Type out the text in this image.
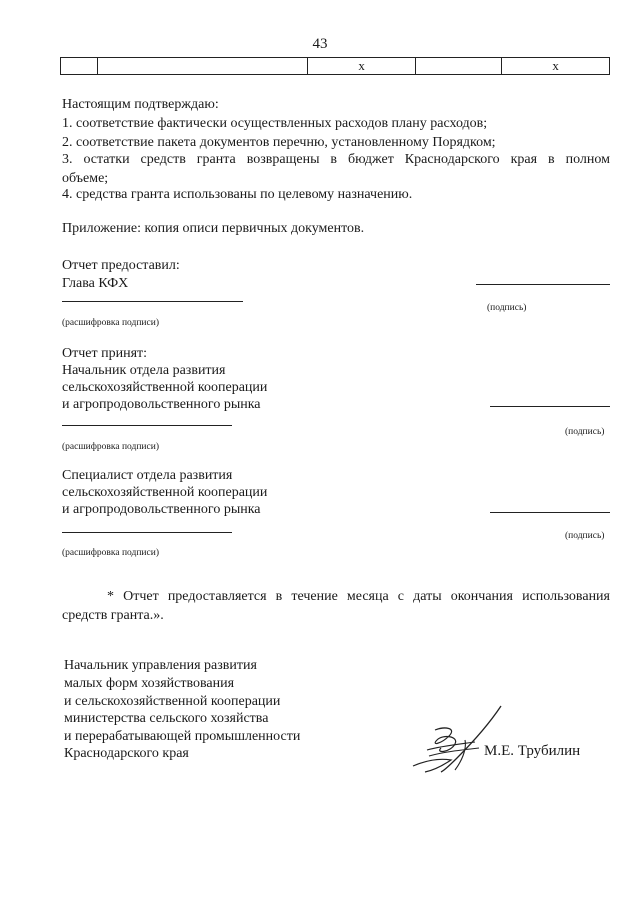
43
		х			х
Настоящим подтверждаю:
1. соответствие фактически осуществленных расходов плану расходов;
2. соответствие пакета документов перечню, установленному Порядком;
3. остатки средств гранта возвращены в бюджет Краснодарского края в полном
объеме;
4. средства гранта использованы по целевому назначению.
Приложение: копия описи первичных документов.
Отчет предоставил:
Глава КФХ
(подпись)
(расшифровка подписи)
Отчет принят:
Начальник отдела развития
сельскохозяйственной кооперации
и агропродовольственного рынка
(подпись)
(расшифровка подписи)
Специалист отдела развития
сельскохозяйственной кооперации
и агропродовольственного рынка
(подпись)
(расшифровка подписи)
* Отчет предоставляется в течение месяца с даты окончания использования
средств гранта.».
Начальник управления развития
малых форм хозяйствования
и сельскохозяйственной кооперации
министерства сельского хозяйства
и перерабатывающей промышленности
Краснодарского края	М.Е. Трубилин
